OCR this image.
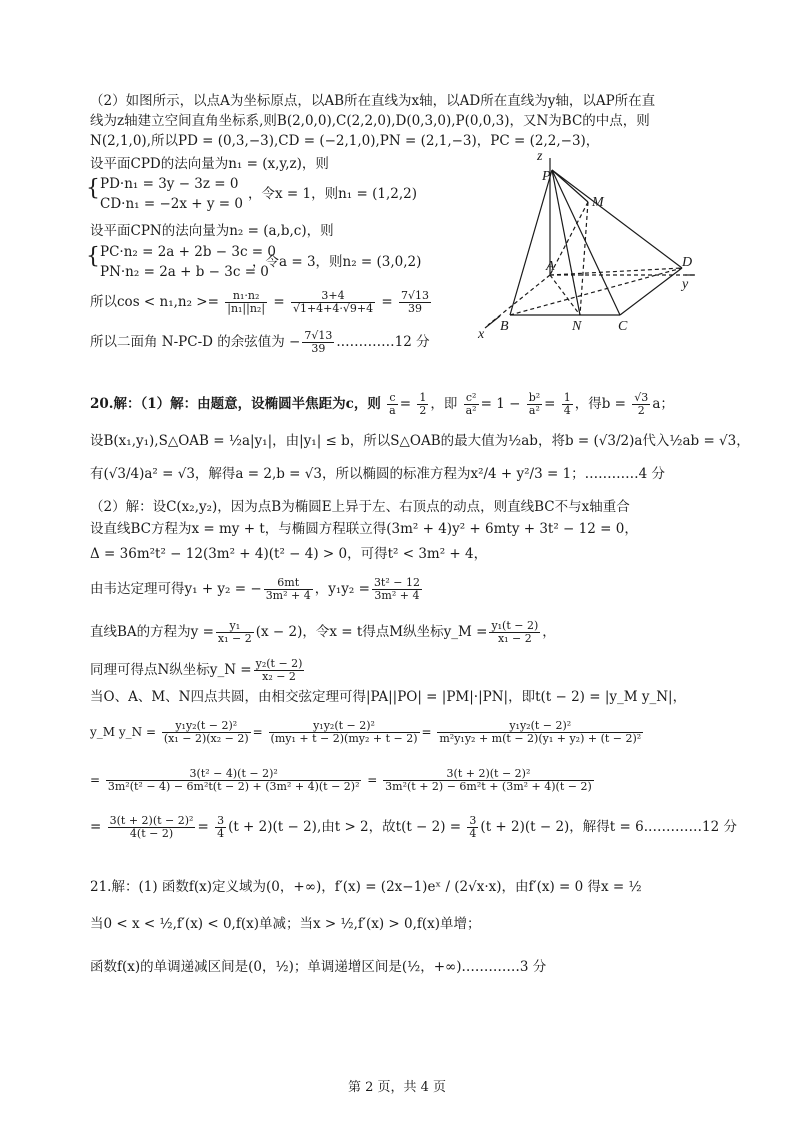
（2）如图所示，以点A为坐标原点，以AB所在直线为x轴，以AD所在直线为y轴，以AP所在直
线为z轴建立空间直角坐标系,则B(2,0,0),C(2,2,0),D(0,3,0),P(0,0,3)，又N为BC的中点，则
N(2,1,0),所以PD = (0,3,−3),CD = (−2,1,0),PN = (2,1,−3)，PC = (2,2,−3)，
设平面CPD的法向量为n₁ = (x,y,z)，则
{ PD·n₁ = 3y − 3z = 0
CD·n₁ = −2x + y = 0
，令x = 1，则n₁ = (1,2,2)
设平面CPN的法向量为n₂ = (a,b,c)，则
{ PC·n₂ = 2a + 2b − 3c = 0
PN·n₂ = 2a + b − 3c = 0
，令a = 3，则n₂ = (3,0,2)
所以$\cos < n_1,n_2 >= \frac{\text{n₁·n₂}}{\text{|n₁||n₂|}} = \frac{3+4}{√1+4+4\cdot√9+4} = \frac{7√13}{39}$
所以二面角 N-PC-D 的余弦值为 − $\frac{7√13}{39}$ .…………12 分
z
P
M
A	D
y
B	N	C
x
20.解：（1）解：由题意，设椭圆半焦距为c，则 $\frac{c}{a} = \frac{1}{2}$ ，即 $\frac{\text{c²}}{\text{a²}} = 1 - \frac{\text{b²}}{\text{a²}} = \frac{1}{4}$ ，得$b = \frac{√3}{2}$ a；
设B(x₁,y₁),S△OAB = ½a|y₁|，由|y₁| ≤ b，所以S△OAB的最大值为½ab，将b = (√3/2)a代入½ab = √3，
有(√3/4)a² = √3，解得a = 2,b = √3，所以椭圆的标准方程为x²/4 + y²/3 = 1；…………4 分
（2）解：设C(x₂,y₂)，因为点B为椭圆E上异于左、右顶点的动点，则直线BC不与x轴重合
设直线BC方程为x = my + t，与椭圆方程联立得(3m² + 4)y² + 6mty + 3t² − 12 = 0，
Δ = 36m²t² − 12(3m² + 4)(t² − 4) > 0，可得t² < 3m² + 4，
由韦达定理可得y₁ + y₂ = − $\frac{6mt}{\text{3m² + 4}}$ ，$y_1y_2 = \frac{\text{3t² − 12}}{\text{3m² + 4}}$
直线BA的方程为$y = \frac{\text{y₁}}{\text{x₁ − 2}} (x - 2)$，令x = t得点M纵坐标y_M = $\frac{\text{y₁(t − 2)}}{\text{x₁ − 2}}$ ，
同理可得点N纵坐标y_N = $\frac{\text{y₂(t − 2)}}{\text{x₂ − 2}}$
当O、A、M、N四点共圆，由相交弦定理可得|PA||PO| = |PM|·|PN|，即t(t − 2) = |y_M y_N|，
y_M y_N = $\frac{\text{y₁y₂(t − 2)²}}{\text{(x₁ − 2)(x₂ − 2)}} = \frac{\text{y₁y₂(t − 2)²}}{\text{(my₁ + t − 2)(my₂ + t − 2)}} = \frac{\text{y₁y₂(t − 2)²}}{\text{m²y₁y₂ + m(t − 2)(y₁ + y₂) + (t − 2)²}}$
= $\frac{\text{3(t² − 4)(t − 2)²}}{\text{3m²(t² − 4) − 6m²t(t − 2) + (3m² + 4)(t − 2)²}} = \frac{\text{3(t + 2)(t − 2)²}}{\text{3m²(t + 2) − 6m²t + (3m² + 4)(t − 2)}}$
= $\frac{\text{3(t + 2)(t − 2)²}}{4(t - 2)} = \frac{3}{4} (t + 2)(t - 2)$,由t > 2，故$t(t - 2) = \frac{3}{4} (t + 2)(t - 2)$，解得t = 6.…………12 分
21.解：(1) 函数f(x)定义域为(0，+∞)，f′(x) = (2x−1)eˣ / (2√x·x)，由f′(x) = 0 得x = ½
当0 < x < ½,f′(x) < 0,f(x)单减；当x > ½,f′(x) > 0,f(x)单增；
函数f(x)的单调递减区间是(0，½)；单调递增区间是(½，+∞).…………3 分
第 2 页，共 4 页
